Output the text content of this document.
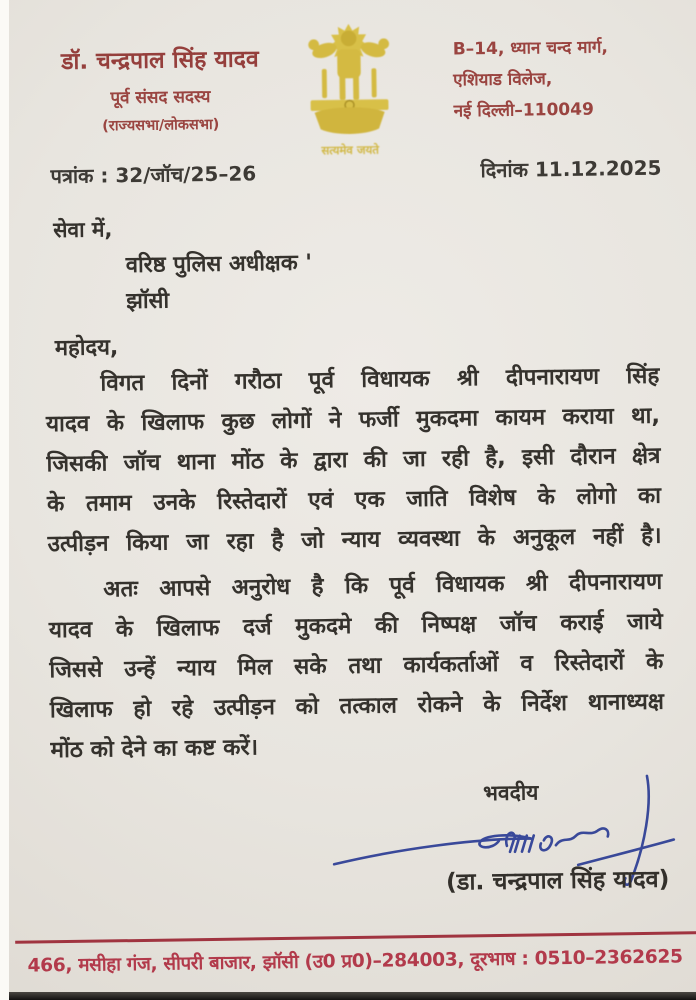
डॉ. चन्द्रपाल सिंह यादव
पूर्व संसद सदस्य
(राज्यसभा/लोकसभा)
सत्यमेव जयते
B–14, ध्यान चन्द मार्ग,
एशियाड विलेज,
नई दिल्ली–110049
पत्रांक : 32/जॉच/25–26	दिनांक 11.12.2025
सेवा में,
वरिष्ठ पुलिस अधीक्षक '
झॉसी
महोदय,
विगत दिनों गरौठा पूर्व विधायक श्री दीपनारायण सिंह
यादव के खिलाफ कुछ लोगों ने फर्जी मुकदमा कायम कराया था,
जिसकी जॉच थाना मोंठ के द्वारा की जा रही है, इसी दौरान क्षेत्र
के तमाम उनके रिस्तेदारों एवं एक जाति विशेष के लोगो का
उत्पीड़न किया जा रहा है जो न्याय व्यवस्था के अनुकूल नहीं है।
अतः आपसे अनुरोध है कि पूर्व विधायक श्री दीपनारायण
यादव के खिलाफ दर्ज मुकदमे की निष्पक्ष जॉच कराई जाये
जिससे उन्हें न्याय मिल सके तथा कार्यकर्ताओं व रिस्तेदारों के
खिलाफ हो रहे उत्पीड़न को तत्काल रोकने के निर्देश थानाध्यक्ष
मोंठ को देने का कष्ट करें।
भवदीय
(डा. चन्द्रपाल सिंह यादव)
466, मसीहा गंज, सीपरी बाजार, झॉसी (उ0 प्र0)–284003, दूरभाष : 0510–2362625
